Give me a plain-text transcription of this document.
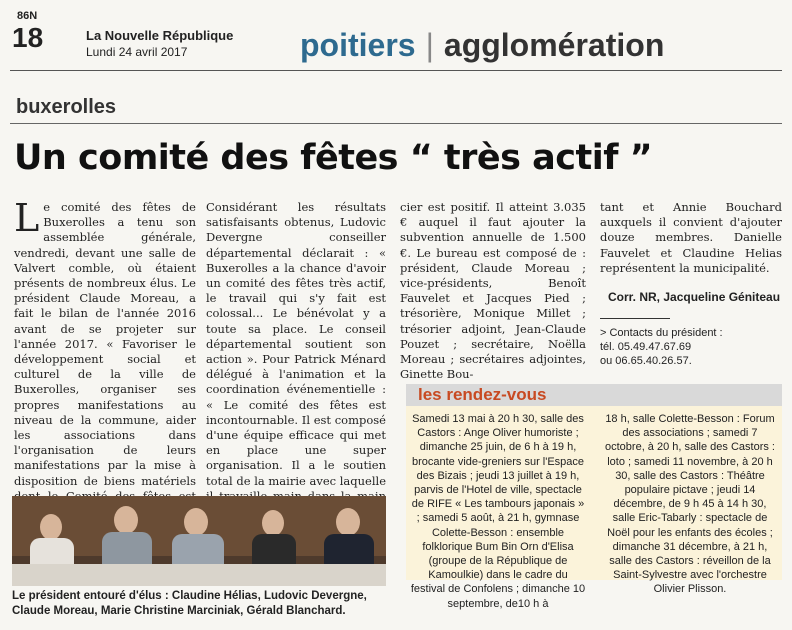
86N
18	La Nouvelle République
Lundi 24 avril 2017	poitiers | agglomération
buxerolles
Un comité des fêtes “ très actif ”
Le comité des fêtes de Buxerolles a tenu son assemblée générale, vendredi, devant une salle de Valvert comble, où étaient présents de nombreux élus. Le président Claude Moreau, a fait le bilan de l'année 2016 avant de se projeter sur l'année 2017. « Favoriser le développement social et culturel de la ville de Buxerolles, organiser ses propres manifestations au niveau de la commune, aider les associations dans l'organisation de leurs manifestations par la mise à disposition de biens matériels
Considérant les résultats satisfaisants obtenus, Ludovic Devergne conseiller départemental déclarait : « Buxerolles a la chance d'avoir un comité des fêtes très actif, le travail qui s'y fait est colossal... Le bénévolat y a toute sa place. Le conseil départemental soutient son action ». Pour Patrick Ménard délégué à l'animation et la coordination événementielle : « Le comité des fêtes est incontournable. Il est composé d'une équipe efficace qui met en place une super organisation. Il a le soutien total de la mairie avec laquelle
cier est positif. Il atteint 3.035 € auquel il faut ajouter la subvention annuelle de 1.500 €. Le bureau est composé de : président, Claude Moreau ; vice-présidents, Benoît Fauvelet et Jacques Pied ; trésorière, Monique Millet ; trésorier adjoint, Jean-Claude Pouzet ; secrétaire, Noëlla Moreau ; secrétaires adjointes, Ginette Bou-
tant et Annie Bouchard auxquels il convient d'ajouter douze membres. Danielle Fauvelet et Claudine Helias représentent la municipalité.
Corr. NR, Jacqueline Géniteau
> Contacts du président :
tél. 05.49.47.67.69
ou 06.65.40.26.57.
les rendez-vous
Samedi 13 mai à 20 h 30, salle des Castors : Ange Oliver humoriste ; dimanche 25 juin, de 6 h à 19 h, brocante vide-greniers sur l'Espace des Bizais ; jeudi 13 juillet à 19 h, parvis de l'Hotel de ville, spectacle de RIFE « Les tambours japonais » ; samedi 5 août, à 21 h, gymnase Colette-Besson : ensemble folklorique Bum Bin Orn d'Elisa (groupe de la République de Kamoulkie) dans le cadre du festival de Confolens ; dimanche 10 septembre, de10 h à
18 h, salle Colette-Besson : Forum des associations ; samedi 7 octobre, à 20 h, salle des Castors : loto ; samedi 11 novembre, à 20 h 30, salle des Castors : Théâtre populaire pictave ; jeudi 14 décembre, de 9 h 45 à 14 h 30, salle Eric-Tabarly : spectacle de Noël pour les enfants des écoles ; dimanche 31 décembre, à 21 h, salle des Castors : réveillon de la Saint-Sylvestre avec l'orchestre Olivier Plisson.
Le président entouré d'élus : Claudine Hélias, Ludovic Devergne,
Claude Moreau, Marie Christine Marciniak, Gérald Blanchard.
